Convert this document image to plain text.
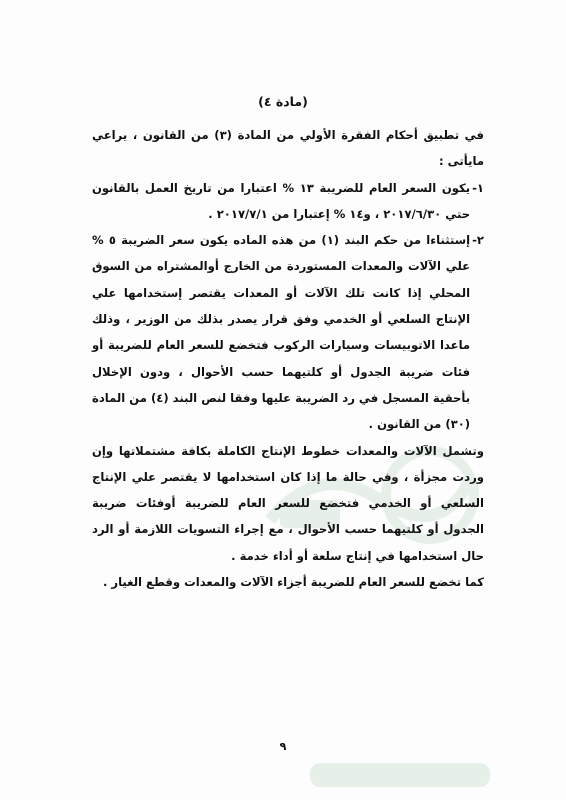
(مادة ٤)

في تطبيق أحكام الفقرة الأولي من المادة (٣) من القانون ، يراعي مايأتى :

١-
يكون السعر العام للضريبة ١٣ % اعتبارا من تاريخ العمل بالقانون حتي ٢٠١٧/٦/٣٠ ، و١٤ % إعتبارا من ٢٠١٧/٧/١ .
٢-
إستثناءا من حكم البند (١) من هذه الماده يكون سعر الضريبة ٥ % علي الآلات والمعدات المستوردة من الخارج أوالمشتراه من السوق المحلي إذا كانت تلك الآلات أو المعدات يقتصر إستخدامها علي الإنتاج السلعي أو الخدمي وفق قرار يصدر بذلك من الوزير ، وذلك ماعدا الاتوبيسات وسيارات الركوب فتخضع للسعر العام للضريبة أو فئات ضريبة الجدول أو كلتيهما حسب الأحوال ، ودون الإخلال بأحقية المسجل في رد الضريبة عليها وفقا لنص البند (٤) من المادة (٣٠) من القانون .

وتشمل الآلات والمعدات خطوط الإنتاج الكاملة بكافة مشتملاتها وإن وردت مجزأة ، وفي حالة ما إذا كان استخدامها لا يقتصر علي الإنتاج السلعي أو الخدمي فتخضع للسعر العام للضريبة أوفئات ضريبة الجدول أو كلتيهما حسب الأحوال ، مع إجراء التسويات اللازمة أو الرد حال استخدامها في إنتاج سلعة أو أداء خدمة .

كما تخضع للسعر العام للضريبة أجزاء الآلات والمعدات وقطع الغيار .

٩
